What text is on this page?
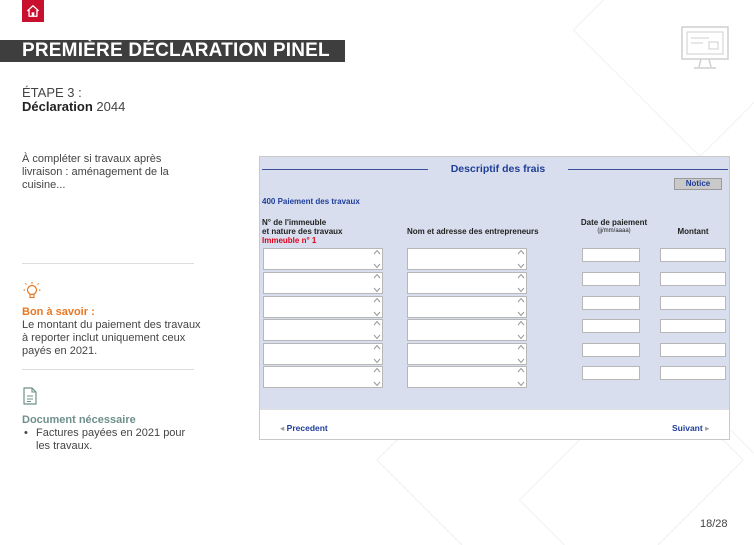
PREMIÈRE DÉCLARATION PINEL
ÉTAPE 3 :
Déclaration 2044
À compléter si travaux après livraison : aménagement de la cuisine...
Bon à savoir :
Le montant du paiement des travaux à reporter inclut uniquement ceux payés en 2021.
Document nécessaire
• Factures payées en 2021 pour les travaux.
Descriptif des frais
Notice
400 Paiement des travaux
N° de l'immeuble
et nature des travaux
Immeuble n° 1
Nom et adresse des entrepreneurs
Date de paiement
(jj/mm/aaaa)	Montant
◂ Precedent	Suivant ▸
18/28
